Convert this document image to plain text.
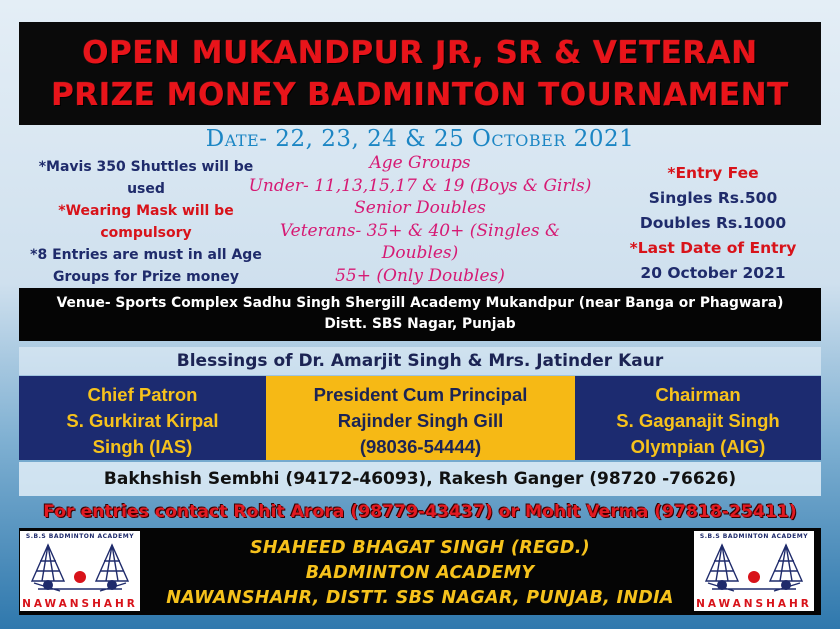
OPEN MUKANDPUR JR, SR & VETERAN
PRIZE MONEY BADMINTON TOURNAMENT
Date- 22, 23, 24 & 25 October 2021
*Mavis 350 Shuttles will be used
*Wearing Mask will be compulsory
*8 Entries are must in all Age Groups for Prize money
Age Groups
Under- 11,13,15,17 & 19 (Boys & Girls)
Senior Doubles
Veterans- 35+ & 40+ (Singles & Doubles)
55+ (Only Doubles)
*Entry Fee
Singles Rs.500
Doubles Rs.1000
*Last Date of Entry
20 October 2021
Venue- Sports Complex Sadhu Singh Shergill Academy Mukandpur (near Banga or Phagwara)
Distt. SBS Nagar, Punjab
Blessings of Dr. Amarjit Singh & Mrs. Jatinder Kaur
Chief Patron
S. Gurkirat Kirpal
Singh (IAS)
President Cum Principal
Rajinder Singh Gill
(98036-54444)
Chairman
S. Gaganajit Singh
Olympian (AIG)
Bakhshish Sembhi (94172-46093), Rakesh Ganger (98720 -76626)
For entries contact Rohit Arora (98779-43437) or Mohit Verma (97818-25411)
S.B.S BADMINTON ACADEMY
NAWANSHAHR
SHAHEED BHAGAT SINGH (REGD.)
BADMINTON ACADEMY
NAWANSHAHR, DISTT. SBS NAGAR, PUNJAB, INDIA
S.B.S BADMINTON ACADEMY
NAWANSHAHR
